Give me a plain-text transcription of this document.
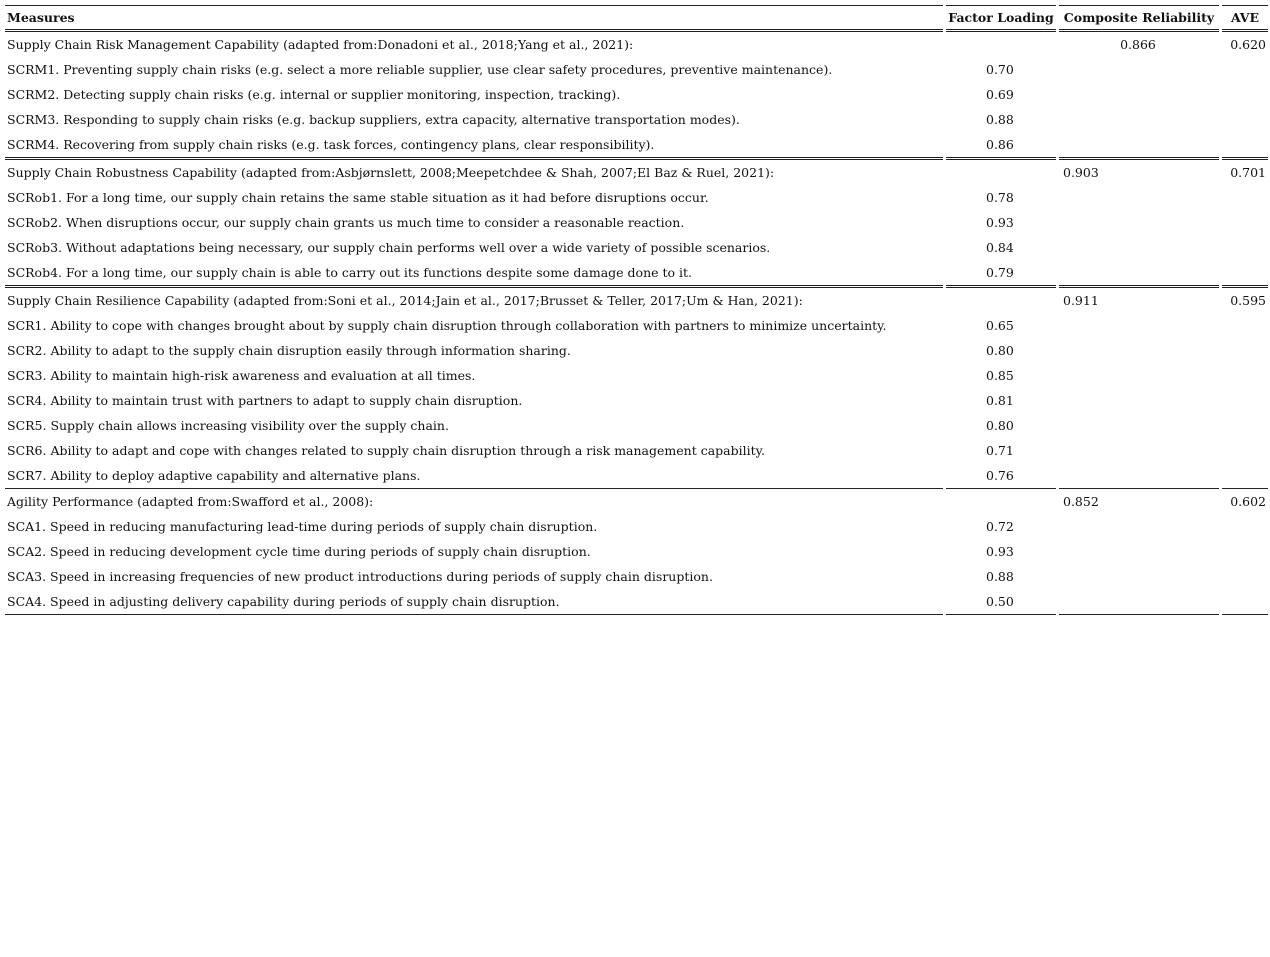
Measures	Factor Loading	Composite Reliability	AVE
Supply Chain Risk Management Capability (adapted from:Donadoni et al., 2018;Yang et al., 2021):		0.866	0.620
SCRM1. Preventing supply chain risks (e.g. select a more reliable supplier, use clear safety procedures, preventive maintenance).	0.70		
SCRM2. Detecting supply chain risks (e.g. internal or supplier monitoring, inspection, tracking).	0.69		
SCRM3. Responding to supply chain risks (e.g. backup suppliers, extra capacity, alternative transportation modes).	0.88		
SCRM4. Recovering from supply chain risks (e.g. task forces, contingency plans, clear responsibility).	0.86		
Supply Chain Robustness Capability (adapted from:Asbjørnslett, 2008;Meepetchdee & Shah, 2007;El Baz & Ruel, 2021):		0.903	0.701
SCRob1. For a long time, our supply chain retains the same stable situation as it had before disruptions occur.	0.78		
SCRob2. When disruptions occur, our supply chain grants us much time to consider a reasonable reaction.	0.93		
SCRob3. Without adaptations being necessary, our supply chain performs well over a wide variety of possible scenarios.	0.84		
SCRob4. For a long time, our supply chain is able to carry out its functions despite some damage done to it.	0.79		
Supply Chain Resilience Capability (adapted from:Soni et al., 2014;Jain et al., 2017;Brusset & Teller, 2017;Um & Han, 2021):		0.911	0.595
SCR1. Ability to cope with changes brought about by supply chain disruption through collaboration with partners to minimize uncertainty.	0.65		
SCR2. Ability to adapt to the supply chain disruption easily through information sharing.	0.80		
SCR3. Ability to maintain high-risk awareness and evaluation at all times.	0.85		
SCR4. Ability to maintain trust with partners to adapt to supply chain disruption.	0.81		
SCR5. Supply chain allows increasing visibility over the supply chain.	0.80		
SCR6. Ability to adapt and cope with changes related to supply chain disruption through a risk management capability.	0.71		
SCR7. Ability to deploy adaptive capability and alternative plans.	0.76		
Agility Performance (adapted from:Swafford et al., 2008):		0.852	0.602
SCA1. Speed in reducing manufacturing lead-time during periods of supply chain disruption.	0.72		
SCA2. Speed in reducing development cycle time during periods of supply chain disruption.	0.93		
SCA3. Speed in increasing frequencies of new product introductions during periods of supply chain disruption.	0.88		
SCA4. Speed in adjusting delivery capability during periods of supply chain disruption.	0.50		
